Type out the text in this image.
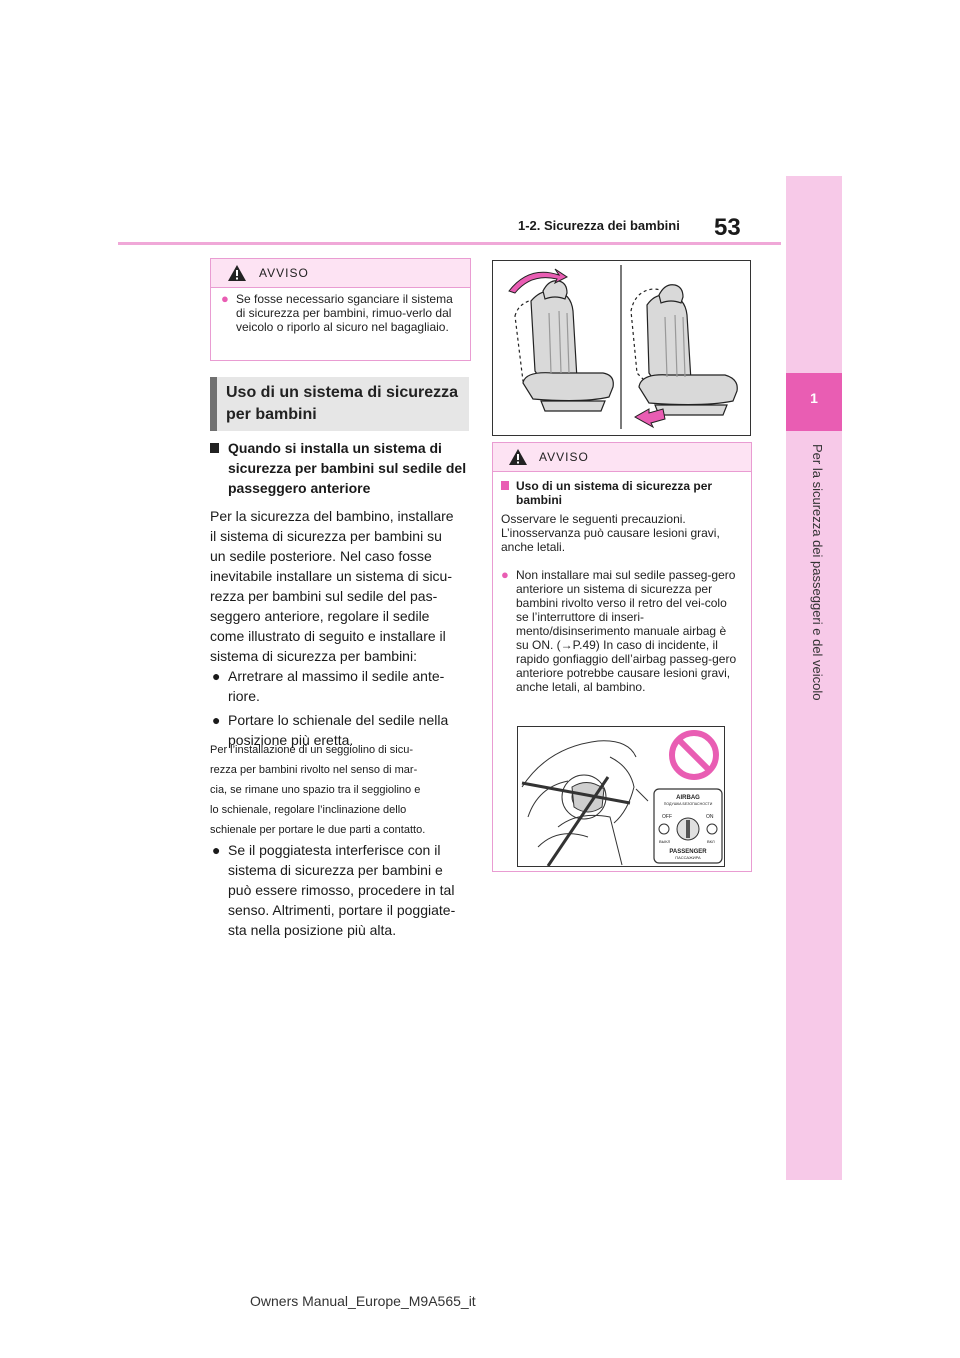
53
1-2. Sicurezza dei bambini
1
Per la sicurezza dei passeggeri e del veicolo
AVVISO
● Se fosse necessario sganciare il sistema di sicurezza per bambini, rimuo-verlo dal veicolo o riporlo al sicuro nel bagagliaio.
Uso di un sistema di sicurezza per bambini
Quando si installa un sistema di sicurezza per bambini sul sedile del passeggero anteriore
Per la sicurezza del bambino, installare
il sistema di sicurezza per bambini su
un sedile posteriore. Nel caso fosse
inevitabile installare un sistema di sicu-
rezza per bambini sul sedile del pas-
seggero anteriore, regolare il sedile
come illustrato di seguito e installare il
sistema di sicurezza per bambini:
● Arretrare al massimo il sedile ante-
riore.
● Portare lo schienale del sedile nella
posizione più eretta.
Per l’installazione di un seggiolino di sicu-
rezza per bambini rivolto nel senso di mar-
cia, se rimane uno spazio tra il seggiolino e
lo schienale, regolare l’inclinazione dello
schienale per portare le due parti a contatto.
● Se il poggiatesta interferisce con il
sistema di sicurezza per bambini e
può essere rimosso, procedere in tal
senso. Altrimenti, portare il poggiate-
sta nella posizione più alta.
AVVISO
Uso di un sistema di sicurezza per bambini
Osservare le seguenti precauzioni. L’inosservanza può causare lesioni gravi, anche letali.
● Non installare mai sul sedile passeg-gero anteriore un sistema di sicurezza per bambini rivolto verso il retro del vei-colo se l’interruttore di inseri-mento/disinserimento manuale airbag è su ON. (→P.49) In caso di incidente, il rapido gonfiaggio dell’airbag passeg-gero anteriore potrebbe causare lesioni gravi, anche letali, al bambino.
AIRBAG
ПОДУШКА БЕЗОПАСНОСТИ
OFF	ON
ВЫКЛ	ВКЛ
PASSENGER
ПАССАЖИРА
Owners Manual_Europe_M9A565_it
